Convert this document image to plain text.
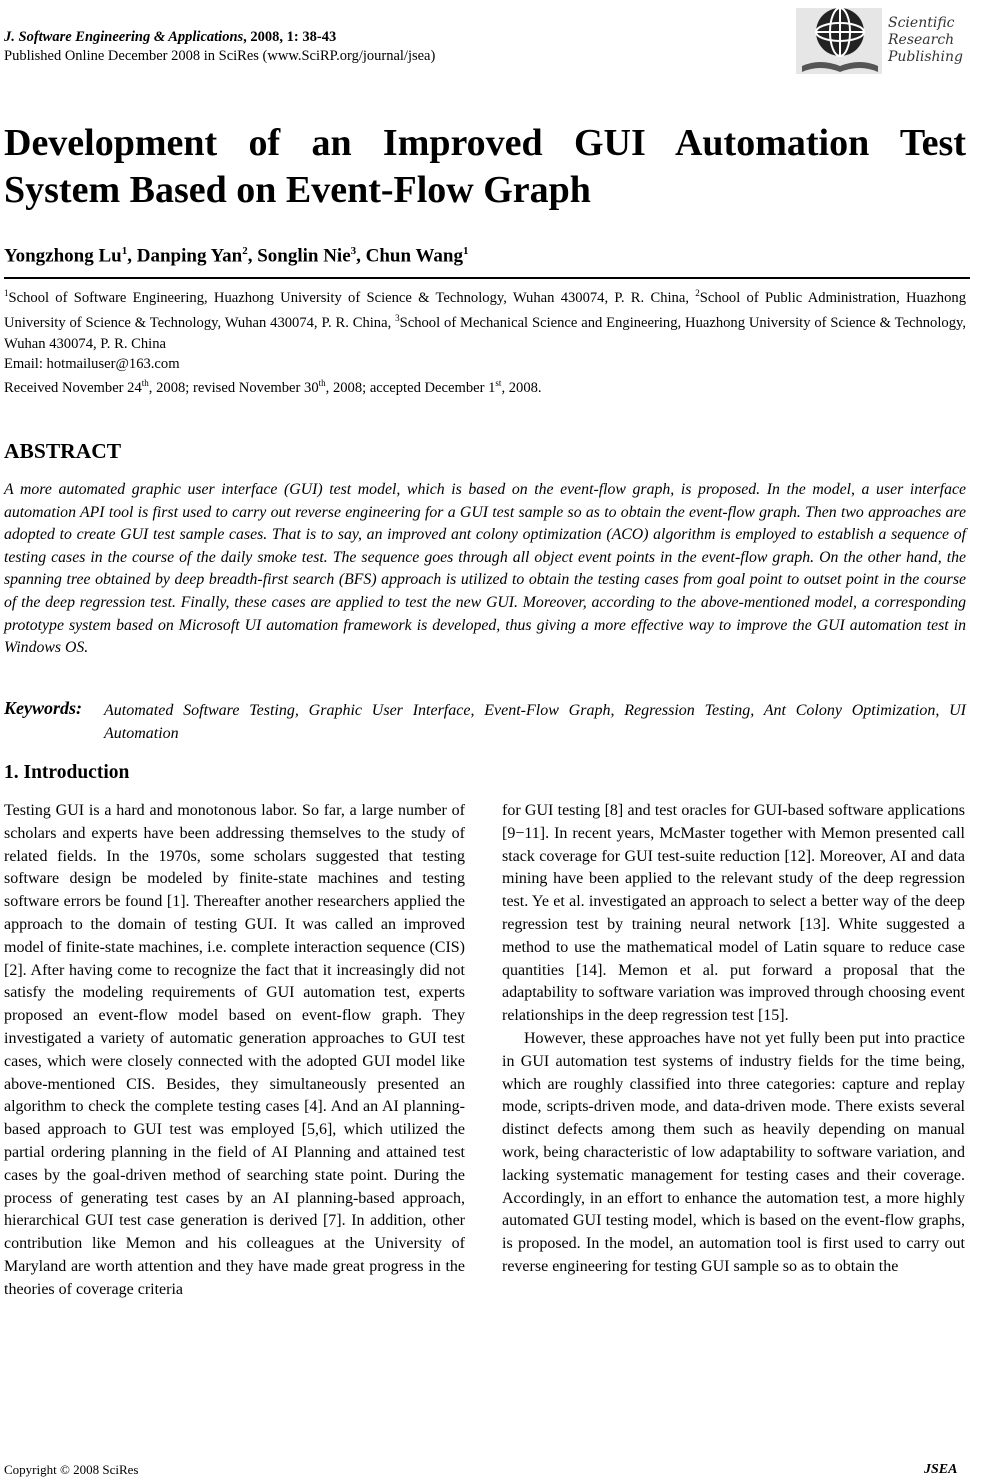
J. Software Engineering & Applications, 2008, 1: 38-43
Published Online December 2008 in SciRes (www.SciRP.org/journal/jsea)
Scientific
Research
Publishing
Development of an Improved GUI Automation Test
System Based on Event-Flow Graph
Yongzhong Lu$^1$, Danping Yan$^2$, Songlin Nie$^3$, Chun Wang$^1$
$^1$School of Software Engineering, Huazhong University of Science & Technology, Wuhan 430074, P. R. China, $^2$School of Public Administration, Huazhong University of Science & Technology, Wuhan 430074, P. R. China, $^3$School of Mechanical Science and Engineering, Huazhong University of Science & Technology, Wuhan 430074, P. R. China
Email: hotmailuser@163.com
Received November 24th, 2008; revised November 30th, 2008; accepted December 1st, 2008.
ABSTRACT
A more automated graphic user interface (GUI) test model, which is based on the event-flow graph, is proposed. In the model, a user interface automation API tool is first used to carry out reverse engineering for a GUI test sample so as to obtain the event-flow graph. Then two approaches are adopted to create GUI test sample cases. That is to say, an improved ant colony optimization (ACO) algorithm is employed to establish a sequence of testing cases in the course of the daily smoke test. The sequence goes through all object event points in the event-flow graph. On the other hand, the spanning tree obtained by deep breadth-first search (BFS) approach is utilized to obtain the testing cases from goal point to outset point in the course of the deep regression test. Finally, these cases are applied to test the new GUI. Moreover, according to the above-mentioned model, a corresponding prototype system based on Microsoft UI automation framework is developed, thus giving a more effective way to improve the GUI automation test in Windows OS.
Keywords: Automated Software Testing, Graphic User Interface, Event-Flow Graph, Regression Testing, Ant Colony Optimization, UI Automation
1. Introduction

Testing GUI is a hard and monotonous labor. So far, a large number of scholars and experts have been addressing themselves to the study of related fields. In the 1970s, some scholars suggested that testing software design be modeled by finite-state machines and testing software errors be found [1]. Thereafter another researchers applied the approach to the domain of testing GUI. It was called an improved model of finite-state machines, i.e. complete interaction sequence (CIS) [2]. After having come to recognize the fact that it increasingly did not satisfy the modeling requirements of GUI automation test, experts proposed an event-flow model based on event-flow graph. They investigated a variety of automatic generation approaches to GUI test cases, which were closely connected with the adopted GUI model like above-mentioned CIS. Besides, they simultaneously presented an algorithm to check the complete testing cases [4]. And an AI planning-based approach to GUI test was employed [5,6], which utilized the partial ordering planning in the field of AI Planning and attained test cases by the goal-driven method of searching state point. During the process of generating test cases by an AI planning-based approach, hierarchical GUI test case generation is derived [7]. In addition, other contribution like Memon and his colleagues at the University of Maryland are worth attention and they have made great progress in the theories of coverage criteria

for GUI testing [8] and test oracles for GUI-based software applications [9−11]. In recent years, McMaster together with Memon presented call stack coverage for GUI test-suite reduction [12]. Moreover, AI and data mining have been applied to the relevant study of the deep regression test. Ye et al. investigated an approach to select a better way of the deep regression test by training neural network [13]. White suggested a method to use the mathematical model of Latin square to reduce case quantities [14]. Memon et al. put forward a proposal that the adaptability to software variation was improved through choosing event relationships in the deep regression test [15].

However, these approaches have not yet fully been put into practice in GUI automation test systems of industry fields for the time being, which are roughly classified into three categories: capture and replay mode, scripts-driven mode, and data-driven mode. There exists several distinct defects among them such as heavily depending on manual work, being characteristic of low adaptability to software variation, and lacking systematic management for testing cases and their coverage. Accordingly, in an effort to enhance the automation test, a more highly automated GUI testing model, which is based on the event-flow graphs, is proposed. In the model, an automation tool is first used to carry out reverse engineering for testing GUI sample so as to obtain the

Copyright © 2008 SciRes	JSEA
